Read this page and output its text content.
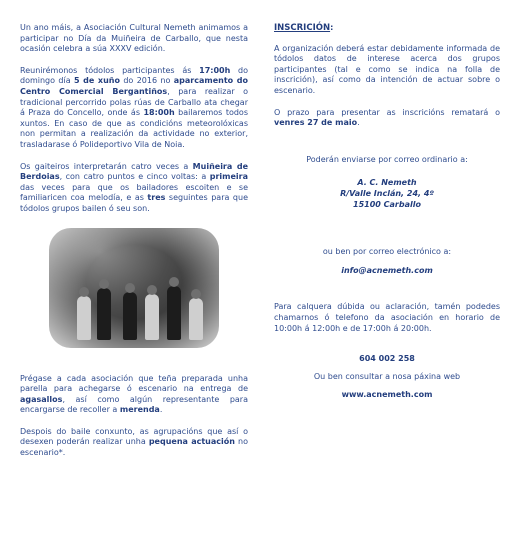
Un ano máis, a Asociación Cultural Nemeth animamos a participar no Día da Muiñeira de Carballo, que nesta ocasión celebra a súa XXXV edición.

Reunirémonos tódolos participantes ás 17:00h do domingo día 5 de xuño do 2016 no aparcamento do Centro Comercial Bergantiños, para realizar o tradicional percorrido polas rúas de Carballo ata chegar á Praza do Concello, onde ás 18:00h bailaremos todos xuntos. En caso de que as condicións meteorolóxicas non permitan a realización da actividade no exterior, trasladarase ó Polideportivo Vila de Noia.

Os gaiteiros interpretarán catro veces a Muiñeira de Berdoias, con catro puntos e cinco voltas: a primeira das veces para que os bailadores escoiten e se familiaricen coa melodía, e as tres seguintes para que tódolos grupos bailen ó seu son.

Prégase a cada asociación que teña preparada unha parella para achegarse ó escenario na entrega de agasallos, así como algún representante para encargarse de recoller a merenda.

Despois do baile conxunto, as agrupacións que así o desexen poderán realizar unha pequena actuación no escenario*.

INSCRICIÓN:

A organización deberá estar debidamente informada de tódolos datos de interese acerca dos grupos participantes (tal e como se indica na folla de inscrición), así como da intención de actuar sobre o escenario.

O prazo para presentar as inscricións rematará o venres 27 de maio.

Poderán enviarse por correo ordinario a:

A. C. Nemeth

R/Valle Inclán, 24, 4º

15100 Carballo

ou ben por correo electrónico a:

info@acnemeth.com

Para calquera dúbida ou aclaración, tamén podedes chamarnos ó telefono da asociación en horario de 10:00h á 12:00h e de 17:00h á 20:00h.

604 002 258

Ou ben consultar a nosa páxina web

www.acnemeth.com
